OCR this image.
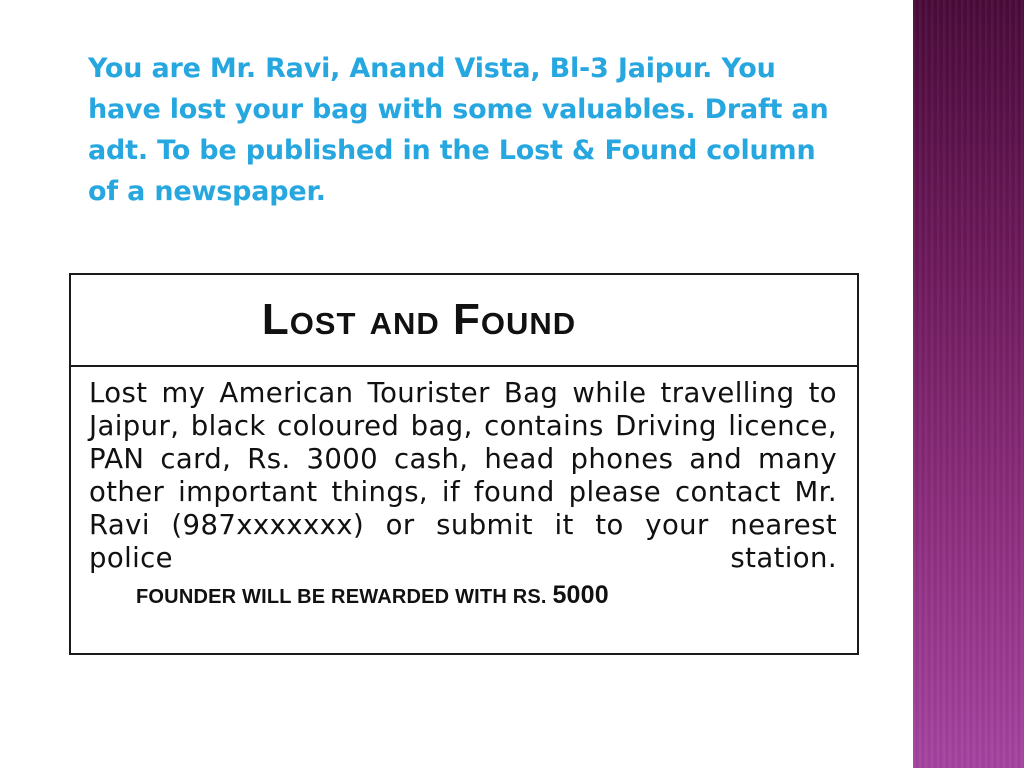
You are Mr. Ravi, Anand Vista, Bl-3 Jaipur. You have lost your bag with some valuables. Draft an adt. To be published in the Lost & Found column of a newspaper.

Lost and Found

Lost my American Tourister Bag while travelling to Jaipur, black coloured bag, contains Driving licence, PAN card, Rs. 3000 cash, head phones and many other important things, if found please contact Mr. Ravi (987xxxxxxx) or submit it to your nearest police station.

FOUNDER WILL BE REWARDED WITH RS. 5000
